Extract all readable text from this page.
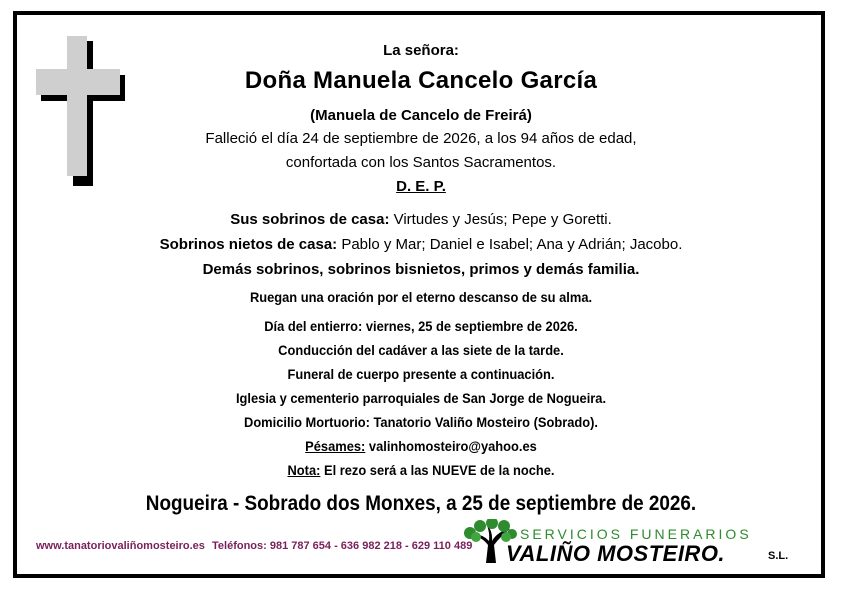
La señora:
Doña Manuela Cancelo García
(Manuela de Cancelo de Freirá)
Falleció el día 24 de septiembre de 2026, a los 94 años de edad,
confortada con los Santos Sacramentos.
D. E. P.
Sus sobrinos de casa: Virtudes y Jesús; Pepe y Goretti.
Sobrinos nietos de casa: Pablo y Mar; Daniel e Isabel; Ana y Adrián; Jacobo.
Demás sobrinos, sobrinos bisnietos, primos y demás familia.
Ruegan una oración por el eterno descanso de su alma.
Día del entierro: viernes, 25 de septiembre de 2026.
Conducción del cadáver a las siete de la tarde.
Funeral de cuerpo presente a continuación.
Iglesia y cementerio parroquiales de San Jorge de Nogueira.
Domicilio Mortuorio: Tanatorio Valiño Mosteiro (Sobrado).
Pésames: valinhomosteiro@yahoo.es
Nota: El rezo será a las NUEVE de la noche.
Nogueira - Sobrado dos Monxes, a 25 de septiembre de 2026.
www.tanatoriovaliñomosteiro.es Teléfonos: 981 787 654 - 636 982 218 - 629 110 489
SERVICIOS FUNERARIOS
VALIÑO MOSTEIRO.	S.L.
